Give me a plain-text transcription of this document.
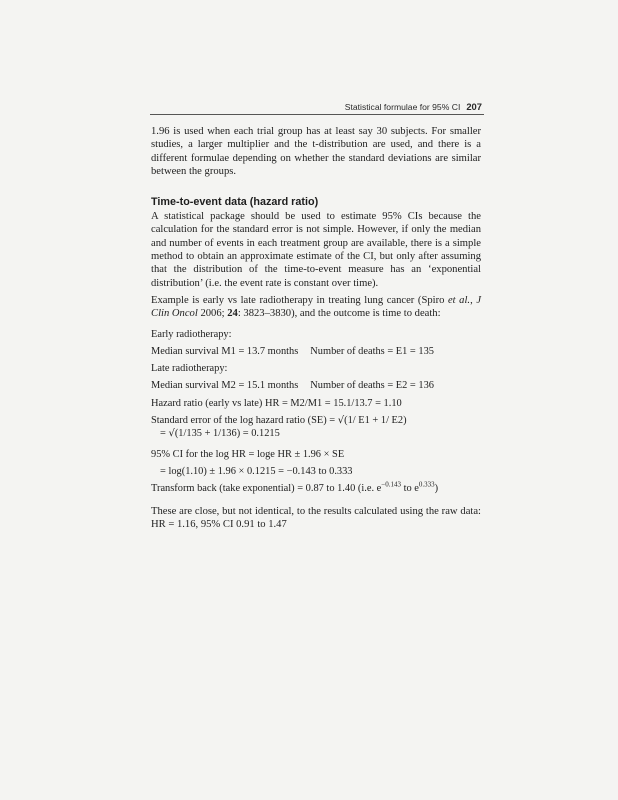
Statistical formulae for 95% CI 207

1.96 is used when each trial group has at least say 30 subjects. For smaller studies, a larger multiplier and the t-distribution are used, and there is a different formulae depending on whether the standard deviations are similar between the groups.

Time-to-event data (hazard ratio)

A statistical package should be used to estimate 95% CIs because the calculation for the standard error is not simple. However, if only the median and number of events in each treatment group are available, there is a simple method to obtain an approximate estimate of the CI, but only after assuming that the distribution of the time-to-event measure has an ‘exponential distribution’ (i.e. the event rate is constant over time).

Example is early vs late radiotherapy in treating lung cancer (Spiro et al., J Clin Oncol 2006; 24: 3823–3830), and the outcome is time to death:

Early radiotherapy:
Median survival M1 = 13.7 months Number of deaths = E1 = 135
Late radiotherapy:
Median survival M2 = 15.1 months Number of deaths = E2 = 136
Hazard ratio (early vs late) HR = M2/M1 = 15.1/13.7 = 1.10
Standard error of the log hazard ratio (SE) = √(1/ E1 + 1/ E2)
= √(1/135 + 1/136) = 0.1215
95% CI for the log HR = loge HR ± 1.96 × SE
= log(1.10) ± 1.96 × 0.1215 = −0.143 to 0.333
Transform back (take exponential) = 0.87 to 1.40 (i.e. $e^{-0.143}$ to $e^{0.333}$)

These are close, but not identical, to the results calculated using the raw data: HR = 1.16, 95% CI 0.91 to 1.47
